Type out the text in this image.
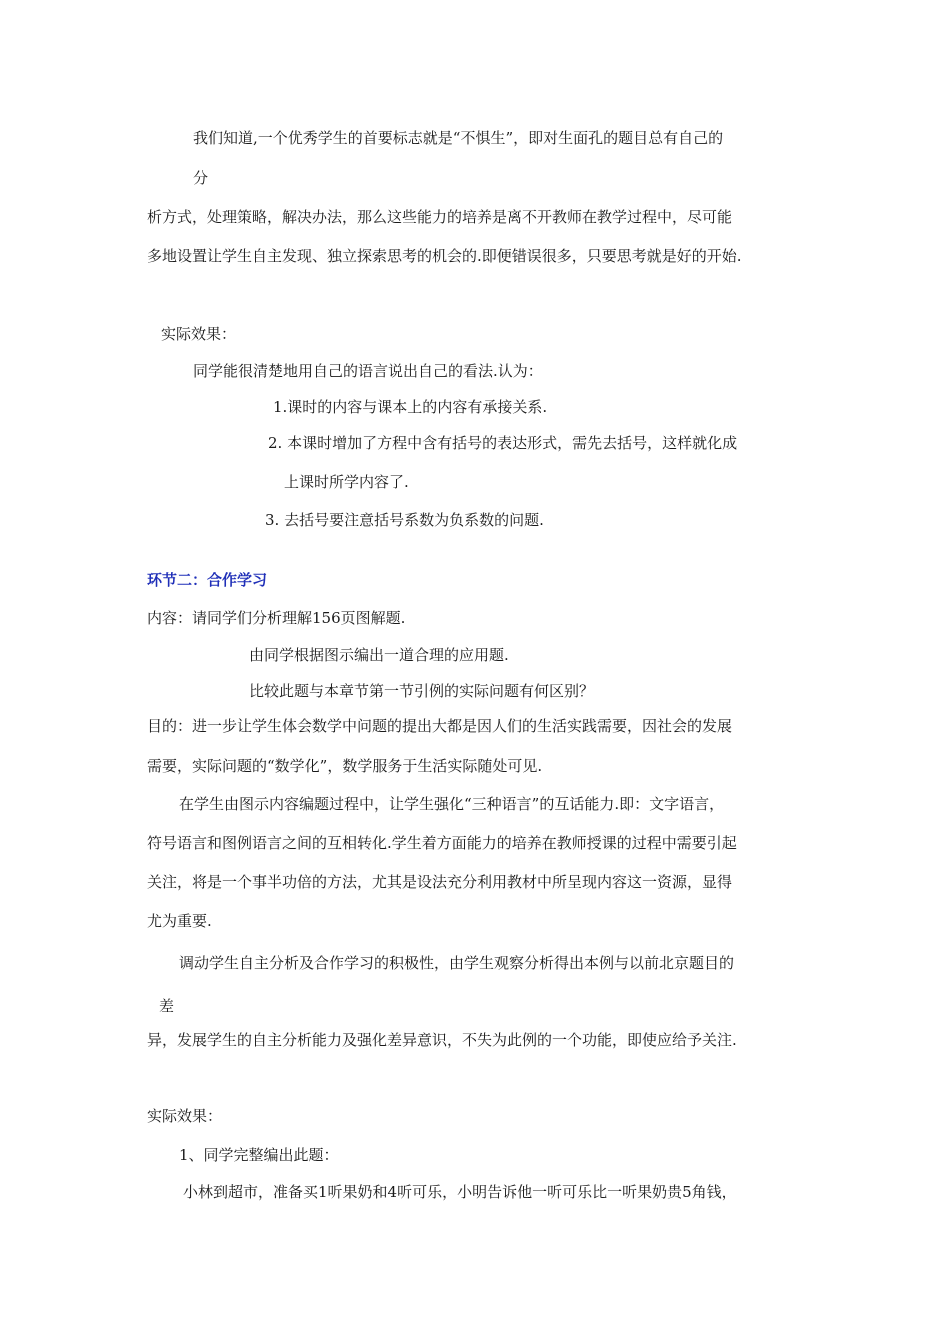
我们知道,一个优秀学生的首要标志就是“不惧生”，即对生面孔的题目总有自己的
分
析方式，处理策略，解决办法，那么这些能力的培养是离不开教师在教学过程中，尽可能
多地设置让学生自主发现、独立探索思考的机会的.即便错误很多，只要思考就是好的开始.
实际效果：
同学能很清楚地用自己的语言说出自己的看法.认为：
1.课时的内容与课本上的内容有承接关系.
2. 本课时增加了方程中含有括号的表达形式，需先去括号，这样就化成
上课时所学内容了.
3. 去括号要注意括号系数为负系数的问题.
环节二：合作学习
内容：请同学们分析理解156页图解题.
由同学根据图示编出一道合理的应用题.
比较此题与本章节第一节引例的实际问题有何区别？
目的：进一步让学生体会数学中问题的提出大都是因人们的生活实践需要，因社会的发展
需要，实际问题的“数学化”，数学服务于生活实际随处可见.
在学生由图示内容编题过程中，让学生强化“三种语言”的互话能力.即：文字语言，
符号语言和图例语言之间的互相转化.学生着方面能力的培养在教师授课的过程中需要引起
关注，将是一个事半功倍的方法，尤其是设法充分利用教材中所呈现内容这一资源，显得
尤为重要.
调动学生自主分析及合作学习的积极性，由学生观察分析得出本例与以前北京题目的
差
异，发展学生的自主分析能力及强化差异意识，不失为此例的一个功能，即使应给予关注.
实际效果：
1、同学完整编出此题：
小林到超市，准备买1听果奶和4听可乐，小明告诉他一听可乐比一听果奶贵5角钱，
